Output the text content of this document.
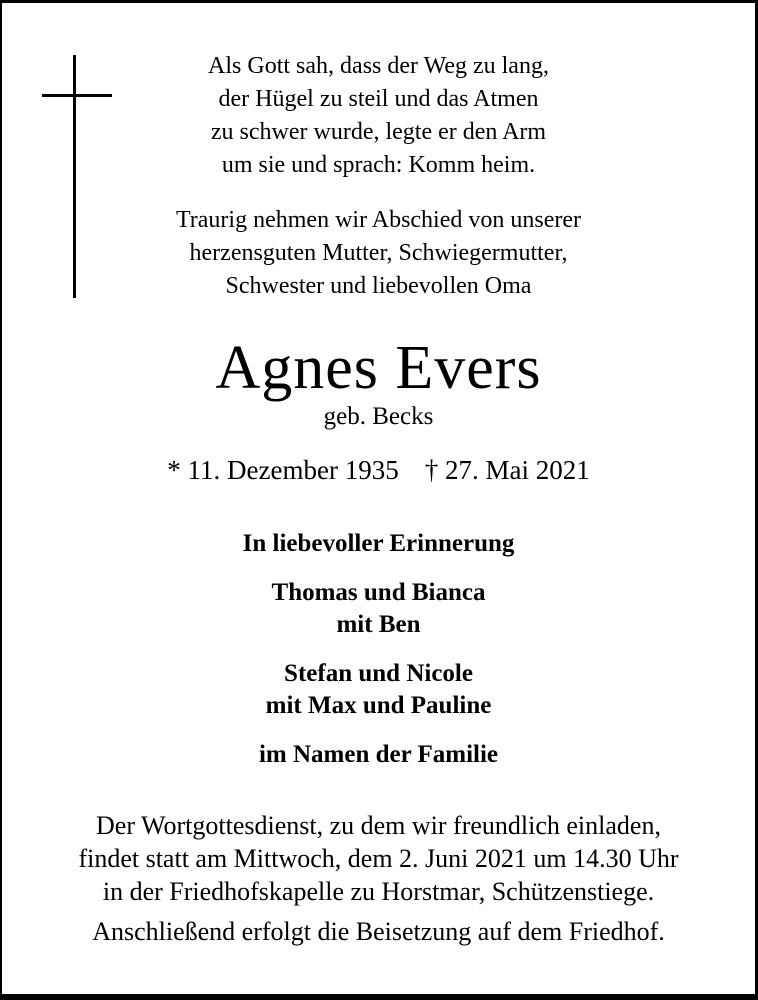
Als Gott sah, dass der Weg zu lang,
der Hügel zu steil und das Atmen
zu schwer wurde, legte er den Arm
um sie und sprach: Komm heim.
Traurig nehmen wir Abschied von unserer
herzensguten Mutter, Schwiegermutter,
Schwester und liebevollen Oma
Agnes Evers
geb. Becks
* 11. Dezember 1935 † 27. Mai 2021
In liebevoller Erinnerung
Thomas und Bianca
mit Ben
Stefan und Nicole
mit Max und Pauline
im Namen der Familie
Der Wortgottesdienst, zu dem wir freundlich einladen,
findet statt am Mittwoch, dem 2. Juni 2021 um 14.30 Uhr
in der Friedhofskapelle zu Horstmar, Schützenstiege.
Anschließend erfolgt die Beisetzung auf dem Friedhof.
